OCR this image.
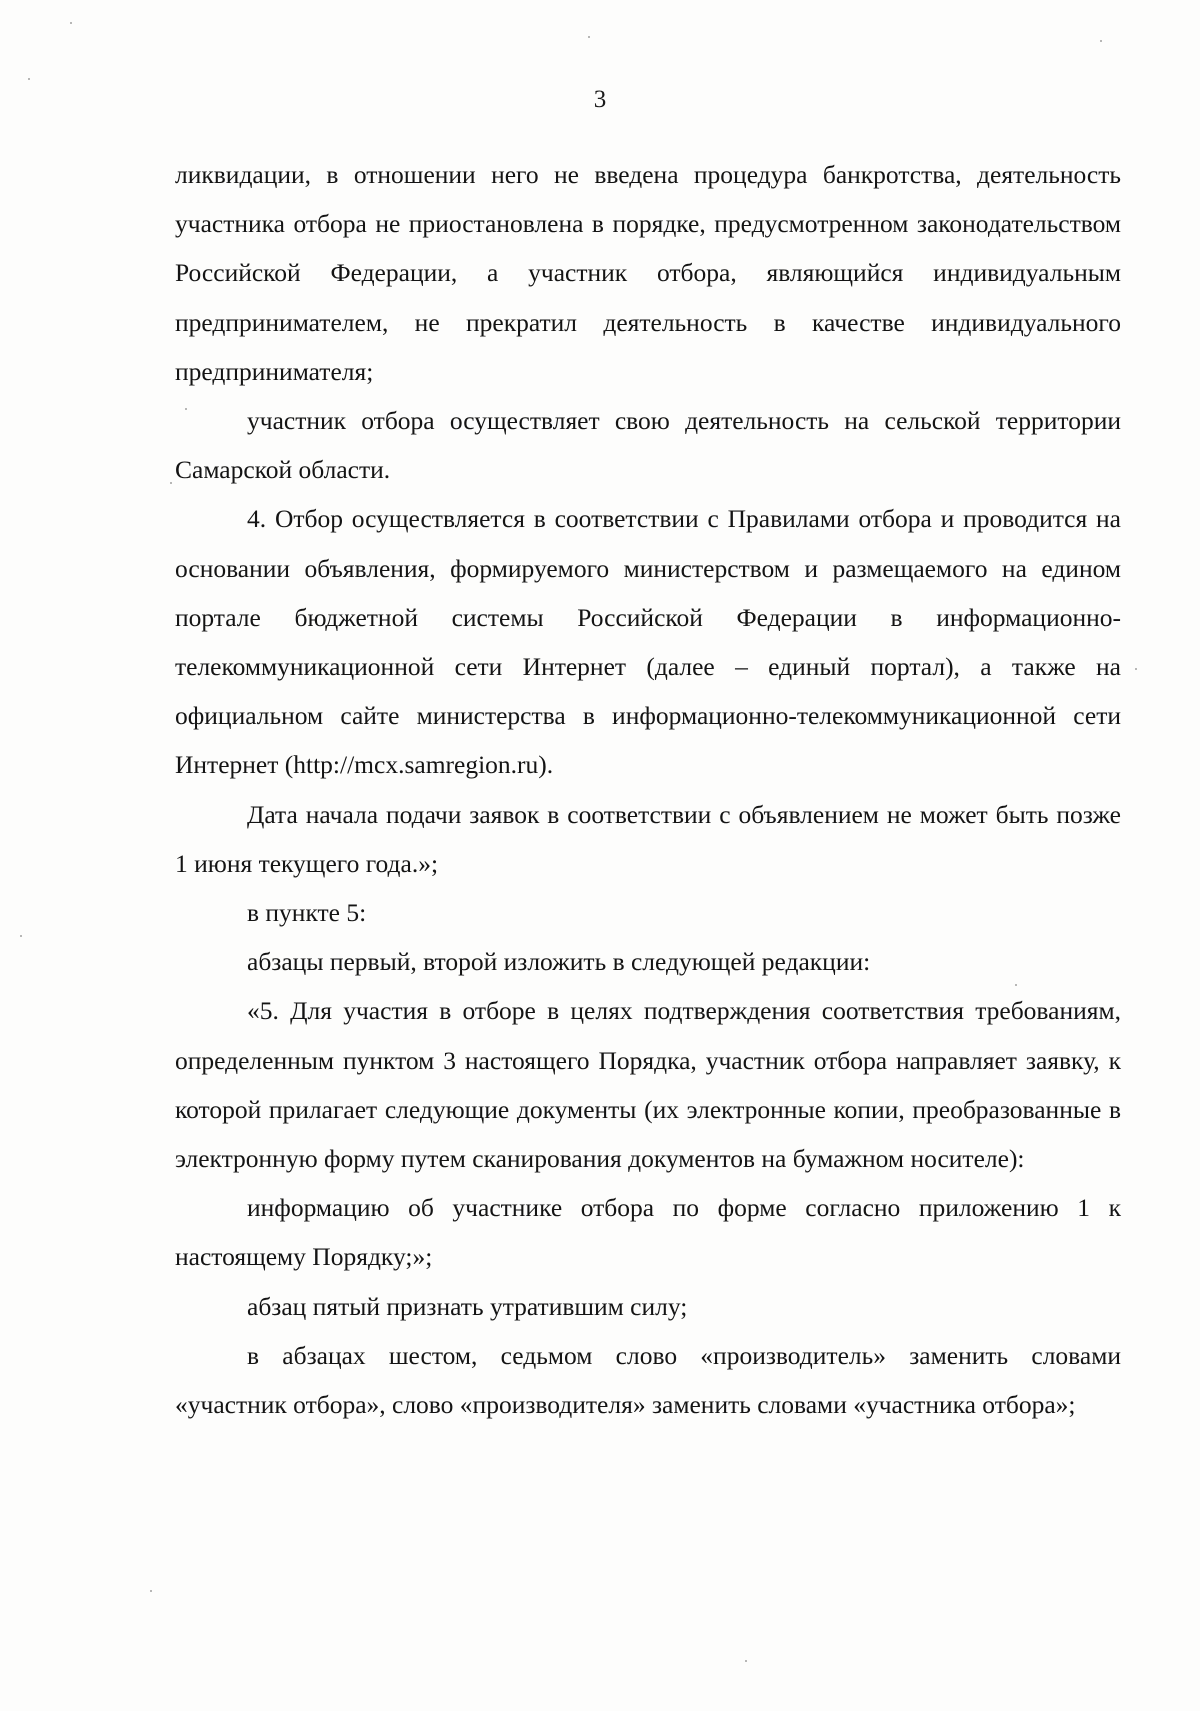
3

ликвидации, в отношении него не введена процедура банкротства, деятельность участника отбора не приостановлена в порядке, предусмотренном законодательством Российской Федерации, а участник отбора, являющийся индивидуальным предпринимателем, не прекратил деятельность в качестве индивидуального предпринимателя;

участник отбора осуществляет свою деятельность на сельской территории Самарской области.

4. Отбор осуществляется в соответствии с Правилами отбора и проводится на основании объявления, формируемого министерством и размещаемого на едином портале бюджетной системы Российской Федерации в информационно-телекоммуникационной сети Интернет (далее – единый портал), а также на официальном сайте министерства в информационно-телекоммуникационной сети Интернет (http://mcx.samregion.ru).

Дата начала подачи заявок в соответствии с объявлением не может быть позже 1 июня текущего года.»;

в пункте 5:

абзацы первый, второй изложить в следующей редакции:

«5. Для участия в отборе в целях подтверждения соответствия требованиям, определенным пунктом 3 настоящего Порядка, участник отбора направляет заявку, к которой прилагает следующие документы (их электронные копии, преобразованные в электронную форму путем сканирования документов на бумажном носителе):

информацию об участнике отбора по форме согласно приложению 1 к настоящему Порядку;»;

абзац пятый признать утратившим силу;

в абзацах шестом, седьмом слово «производитель» заменить словами «участник отбора», слово «производителя» заменить словами «участника отбора»;
